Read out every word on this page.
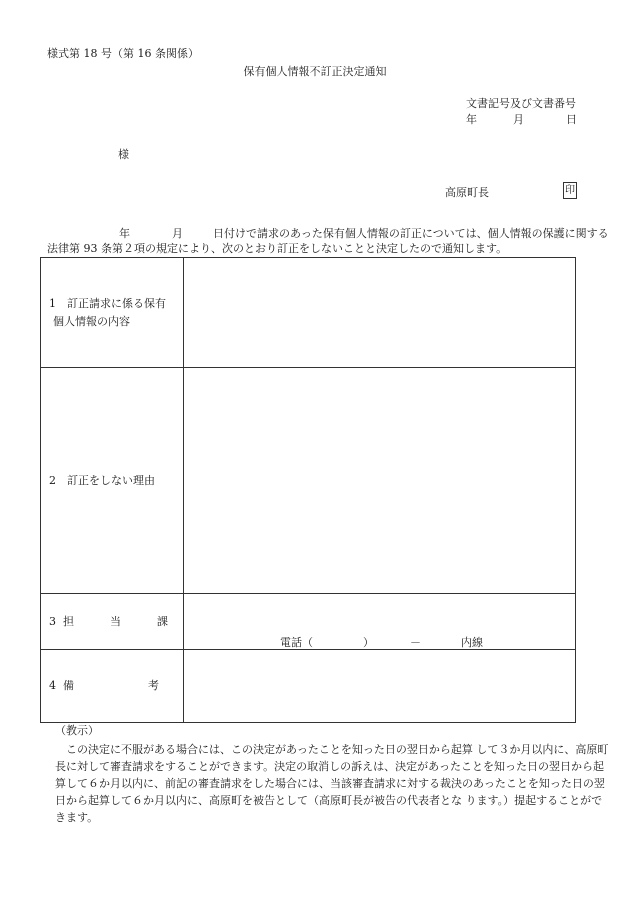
様式第 18 号（第 16 条関係）
保有個人情報不訂正決定通知
文書記号及び文書番号
年	月	日
様
高原町長	印
年	月	日付けで請求のあった保有個人情報の訂正については、個人情報の保護に関する
法律第 93 条第２項の規定により、次のとおり訂正をしないことと決定したので通知します。
1　訂正請求に係る保有
個人情報の内容	

2　訂正をしない理由	
3 担 当 課	電話（ ） － 内線

4 備 考	
（教示）
この決定に不服がある場合には、この決定があったことを知った日の翌日から起算 して３か月以内に、高原町
長に対して審査請求をすることができます。決定の取消しの訴えは、決定があったことを知った日の翌日から起
算して６か月以内に、前記の審査請求をした場合には、当該審査請求に対する裁決のあったことを知った日の翌
日から起算して６か月以内に、高原町を被告として（高原町長が被告の代表者とな ります。）提起することがで
きます。
